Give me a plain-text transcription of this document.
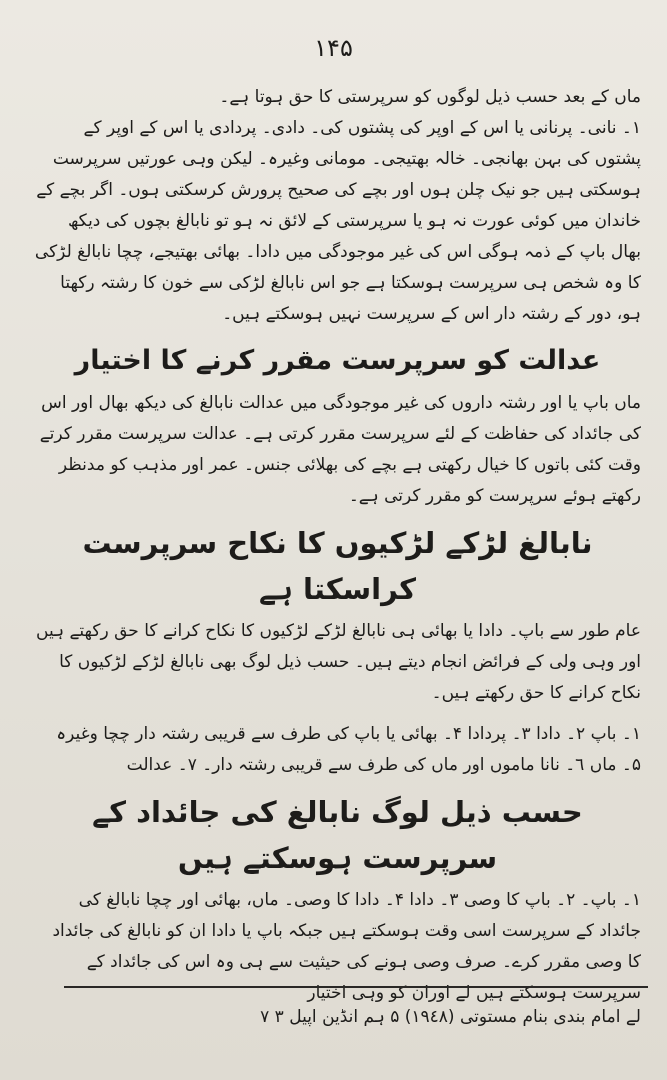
١۴۵

ماں کے بعد حسب ذیل لوگوں کو سرپرستی کا حق ہوتا ہے۔

١۔ نانی۔ پرنانی یا اس کے اوپر کی پشتوں کی۔ دادی۔ پردادی یا اس کے اوپر کے پشتوں کی بہن بھانجی۔ خالہ بھتیجی۔ مومانی وغیرہ۔ لیکن وہی عورتیں سرپرست ہوسکتی ہیں جو نیک چلن ہوں اور بچے کی صحیح پرورش کرسکتی ہوں۔ اگر بچے کے خاندان میں کوئی عورت نہ ہو یا سرپرستی کے لائق نہ ہو تو نابالغ بچوں کی دیکھ بھال باپ کے ذمہ ہوگی اس کی غیر موجودگی میں دادا۔ بھائی بھتیجے، چچا نابالغ لڑکی کا وہ شخص ہی سرپرست ہوسکتا ہے جو اس نابالغ لڑکی سے خون کا رشتہ رکھتا ہو، دور کے رشتہ دار اس کے سرپرست نہیں ہوسکتے ہیں۔

عدالت کو سرپرست مقرر کرنے کا اختیار

ماں باپ یا اور رشتہ داروں کی غیر موجودگی میں عدالت نابالغ کی دیکھ بھال اور اس کی جائداد کی حفاظت کے لئے سرپرست مقرر کرتی ہے۔ عدالت سرپرست مقرر کرتے وقت کئی باتوں کا خیال رکھتی ہے بچے کی بھلائی جنس۔ عمر اور مذہب کو مدنظر رکھتے ہوئے سرپرست کو مقرر کرتی ہے۔

نابالغ لڑکے لڑکیوں کا نکاح سرپرست کراسکتا ہے

عام طور سے باپ۔ دادا یا بھائی ہی نابالغ لڑکے لڑکیوں کا نکاح کرانے کا حق رکھتے ہیں اور وہی ولی کے فرائض انجام دیتے ہیں۔ حسب ذیل لوگ بھی نابالغ لڑکے لڑکیوں کا نکاح کرانے کا حق رکھتے ہیں۔

١۔ باپ ٢۔ دادا ٣۔ پردادا ۴۔ بھائی یا باپ کی طرف سے قریبی رشتہ دار چچا وغیرہ ۵۔ ماں ٦۔ نانا ماموں اور ماں کی طرف سے قریبی رشتہ دار۔ ٧۔ عدالت

حسب ذیل لوگ نابالغ کی جائداد کے سرپرست ہوسکتے ہیں

١۔ باپ۔ ٢۔ باپ کا وصی ٣۔ دادا ۴۔ دادا کا وصی۔ ماں، بھائی اور چچا نابالغ کی جائداد کے سرپرست اسی وقت ہوسکتے ہیں جبکہ باپ یا دادا ان کو نابالغ کی جائداد کا وصی مقرر کرے۔ صرف وصی ہونے کی حیثیت سے ہی وہ اس کی جائداد کے سرپرست ہوسکتے ہیں لے اوران کو وہی اختیار

لے امام بندی بنام مستوتی (١٩٤٨) ۵ ہم انڈین اپیل ٣ ٧
